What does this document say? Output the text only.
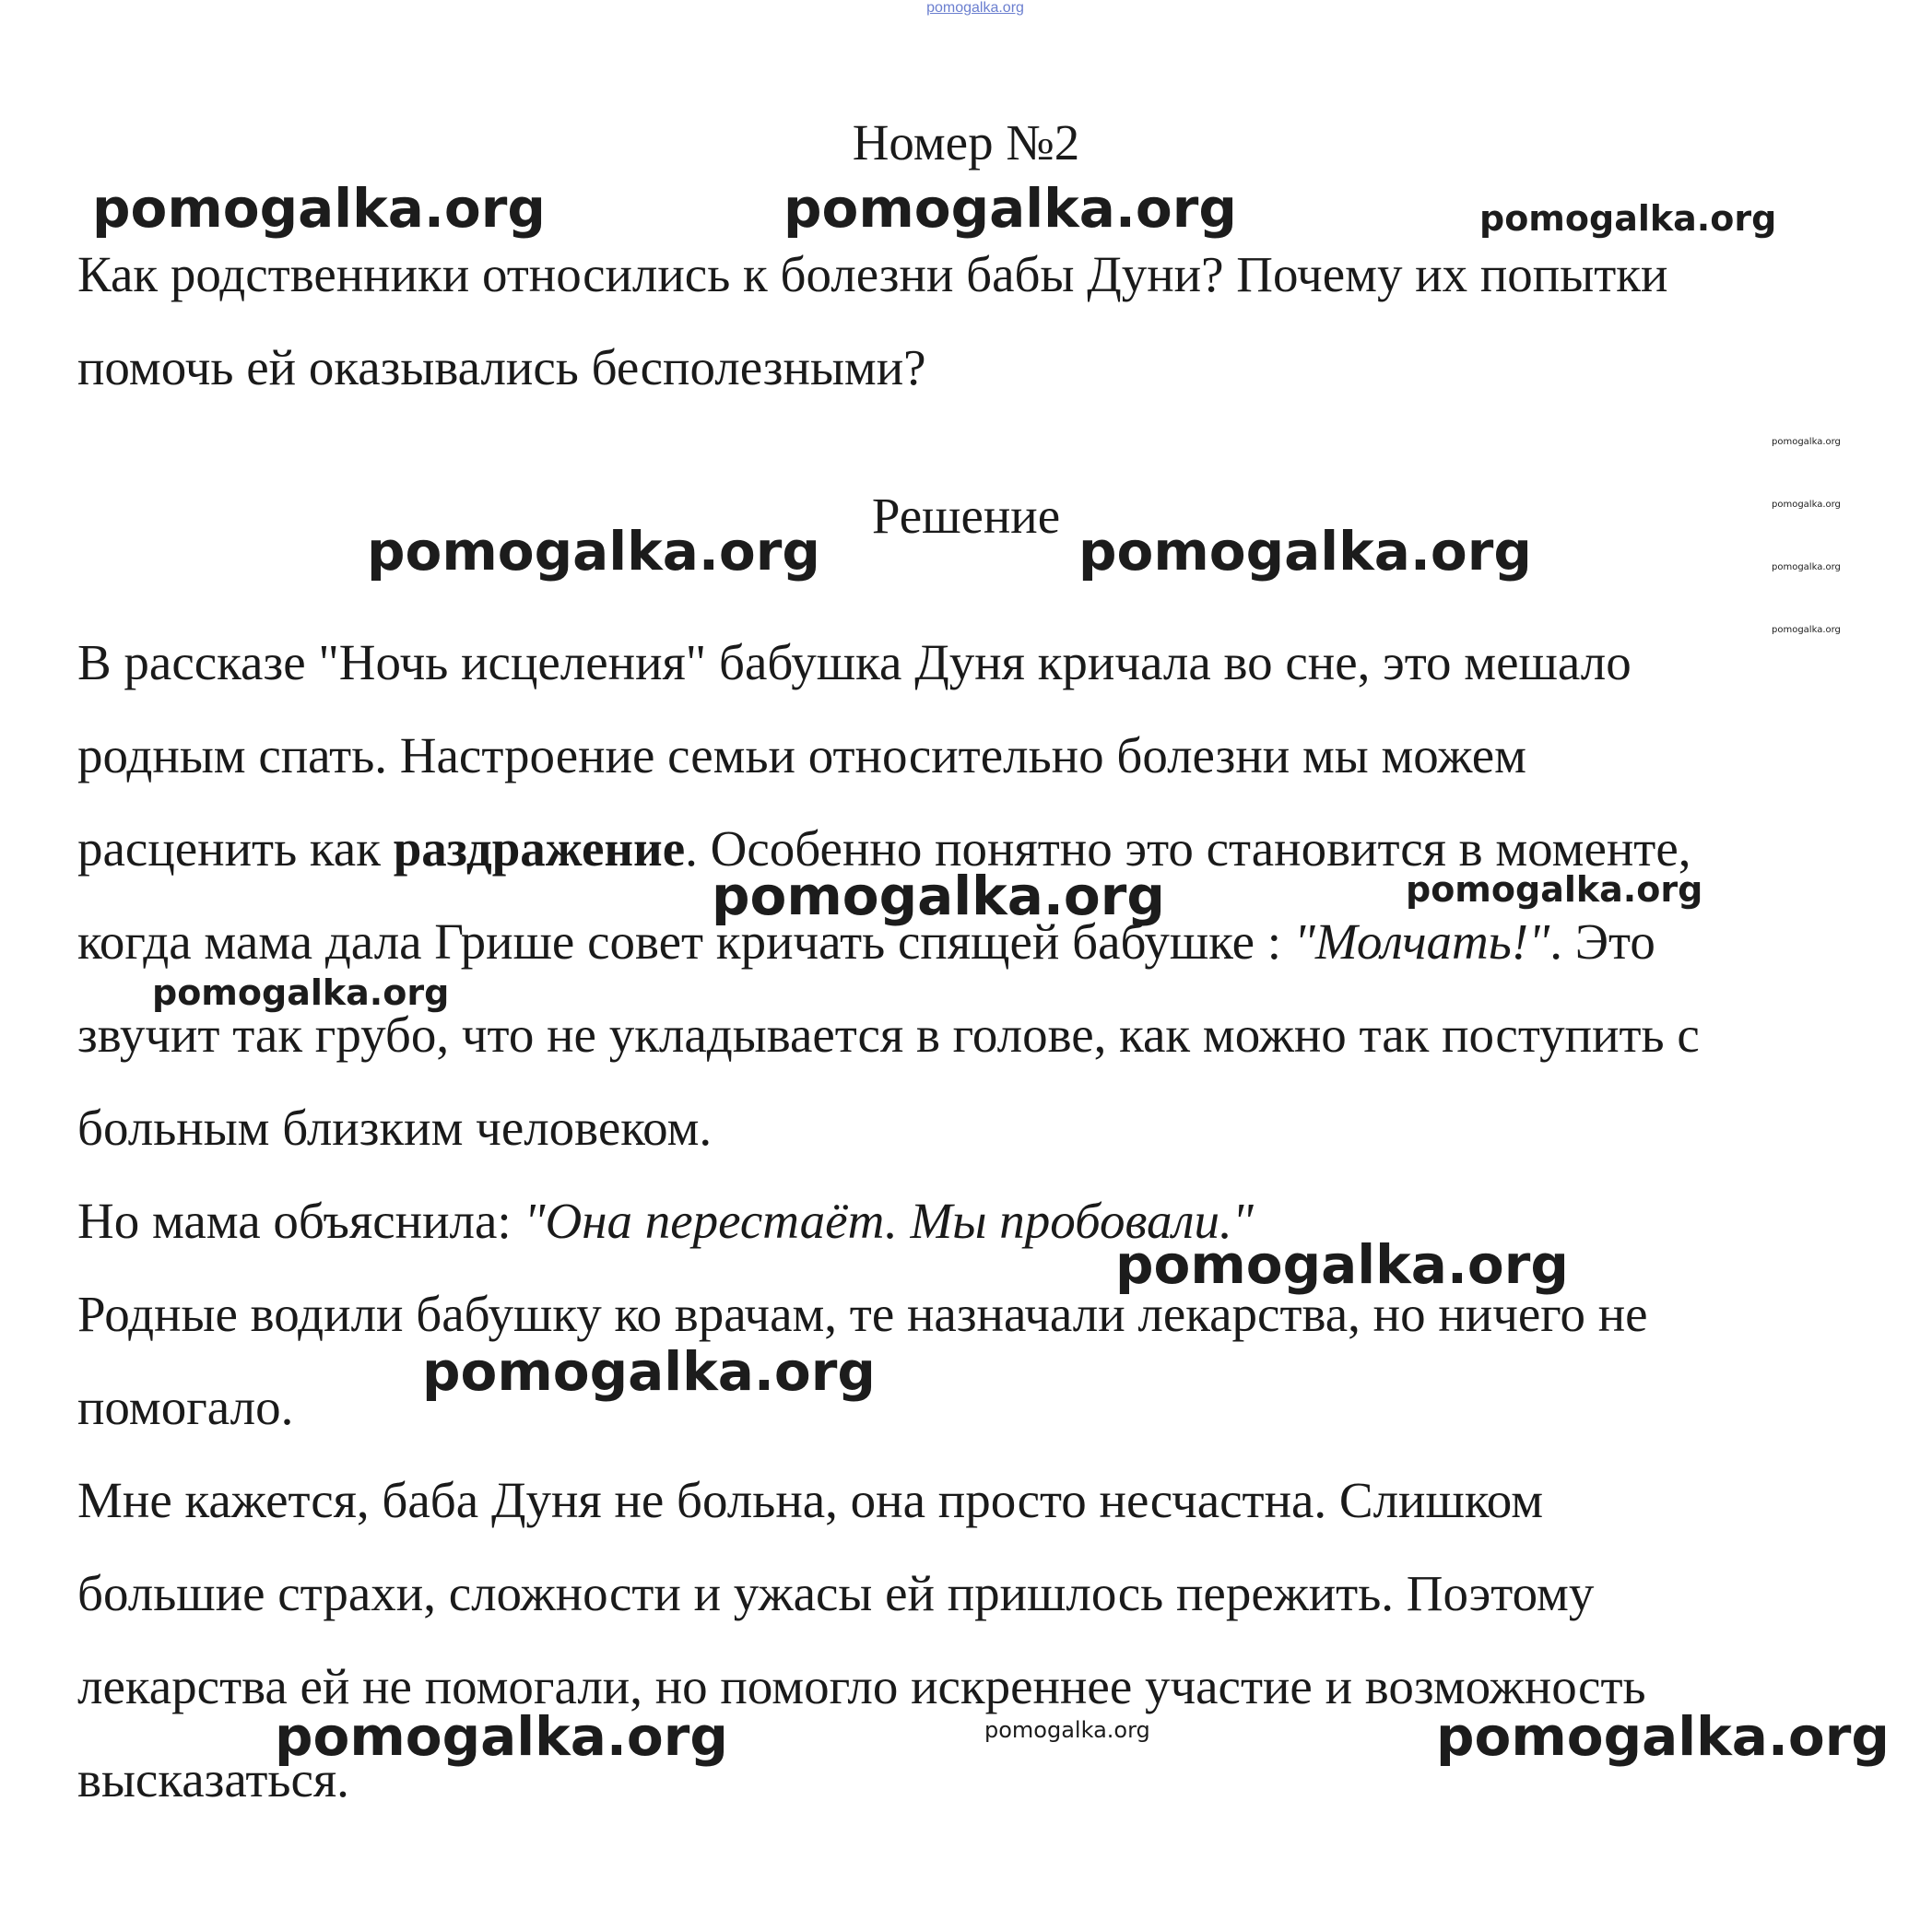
pomogalka.org
Номер №2
Как родственники относились к болезни бабы Дуни? Почему их попытки
помочь ей оказывались бесполезными?
Решение
В рассказе "Ночь исцеления" бабушка Дуня кричала во сне, это мешало
родным спать. Настроение семьи относительно болезни мы можем
расценить как раздражение. Особенно понятно это становится в моменте,
когда мама дала Грише совет кричать спящей бабушке : "Молчать!". Это
звучит так грубо, что не укладывается в голове, как можно так поступить с
больным близким человеком.
Но мама объяснила: "Она перестаёт. Мы пробовали."
Родные водили бабушку ко врачам, те назначали лекарства, но ничего не
помогало.
Мне кажется, баба Дуня не больна, она просто несчастна. Слишком
большие страхи, сложности и ужасы ей пришлось пережить. Поэтому
лекарства ей не помогали, но помогло искреннее участие и возможность
высказаться.
pomogalka.org	pomogalka.org	pomogalka.org
pomogalka.org
pomogalka.org
pomogalka.org
pomogalka.org
pomogalka.org	pomogalka.org
pomogalka.org	pomogalka.org
pomogalka.org
pomogalka.org
pomogalka.org
pomogalka.org	pomogalka.org	pomogalka.org
